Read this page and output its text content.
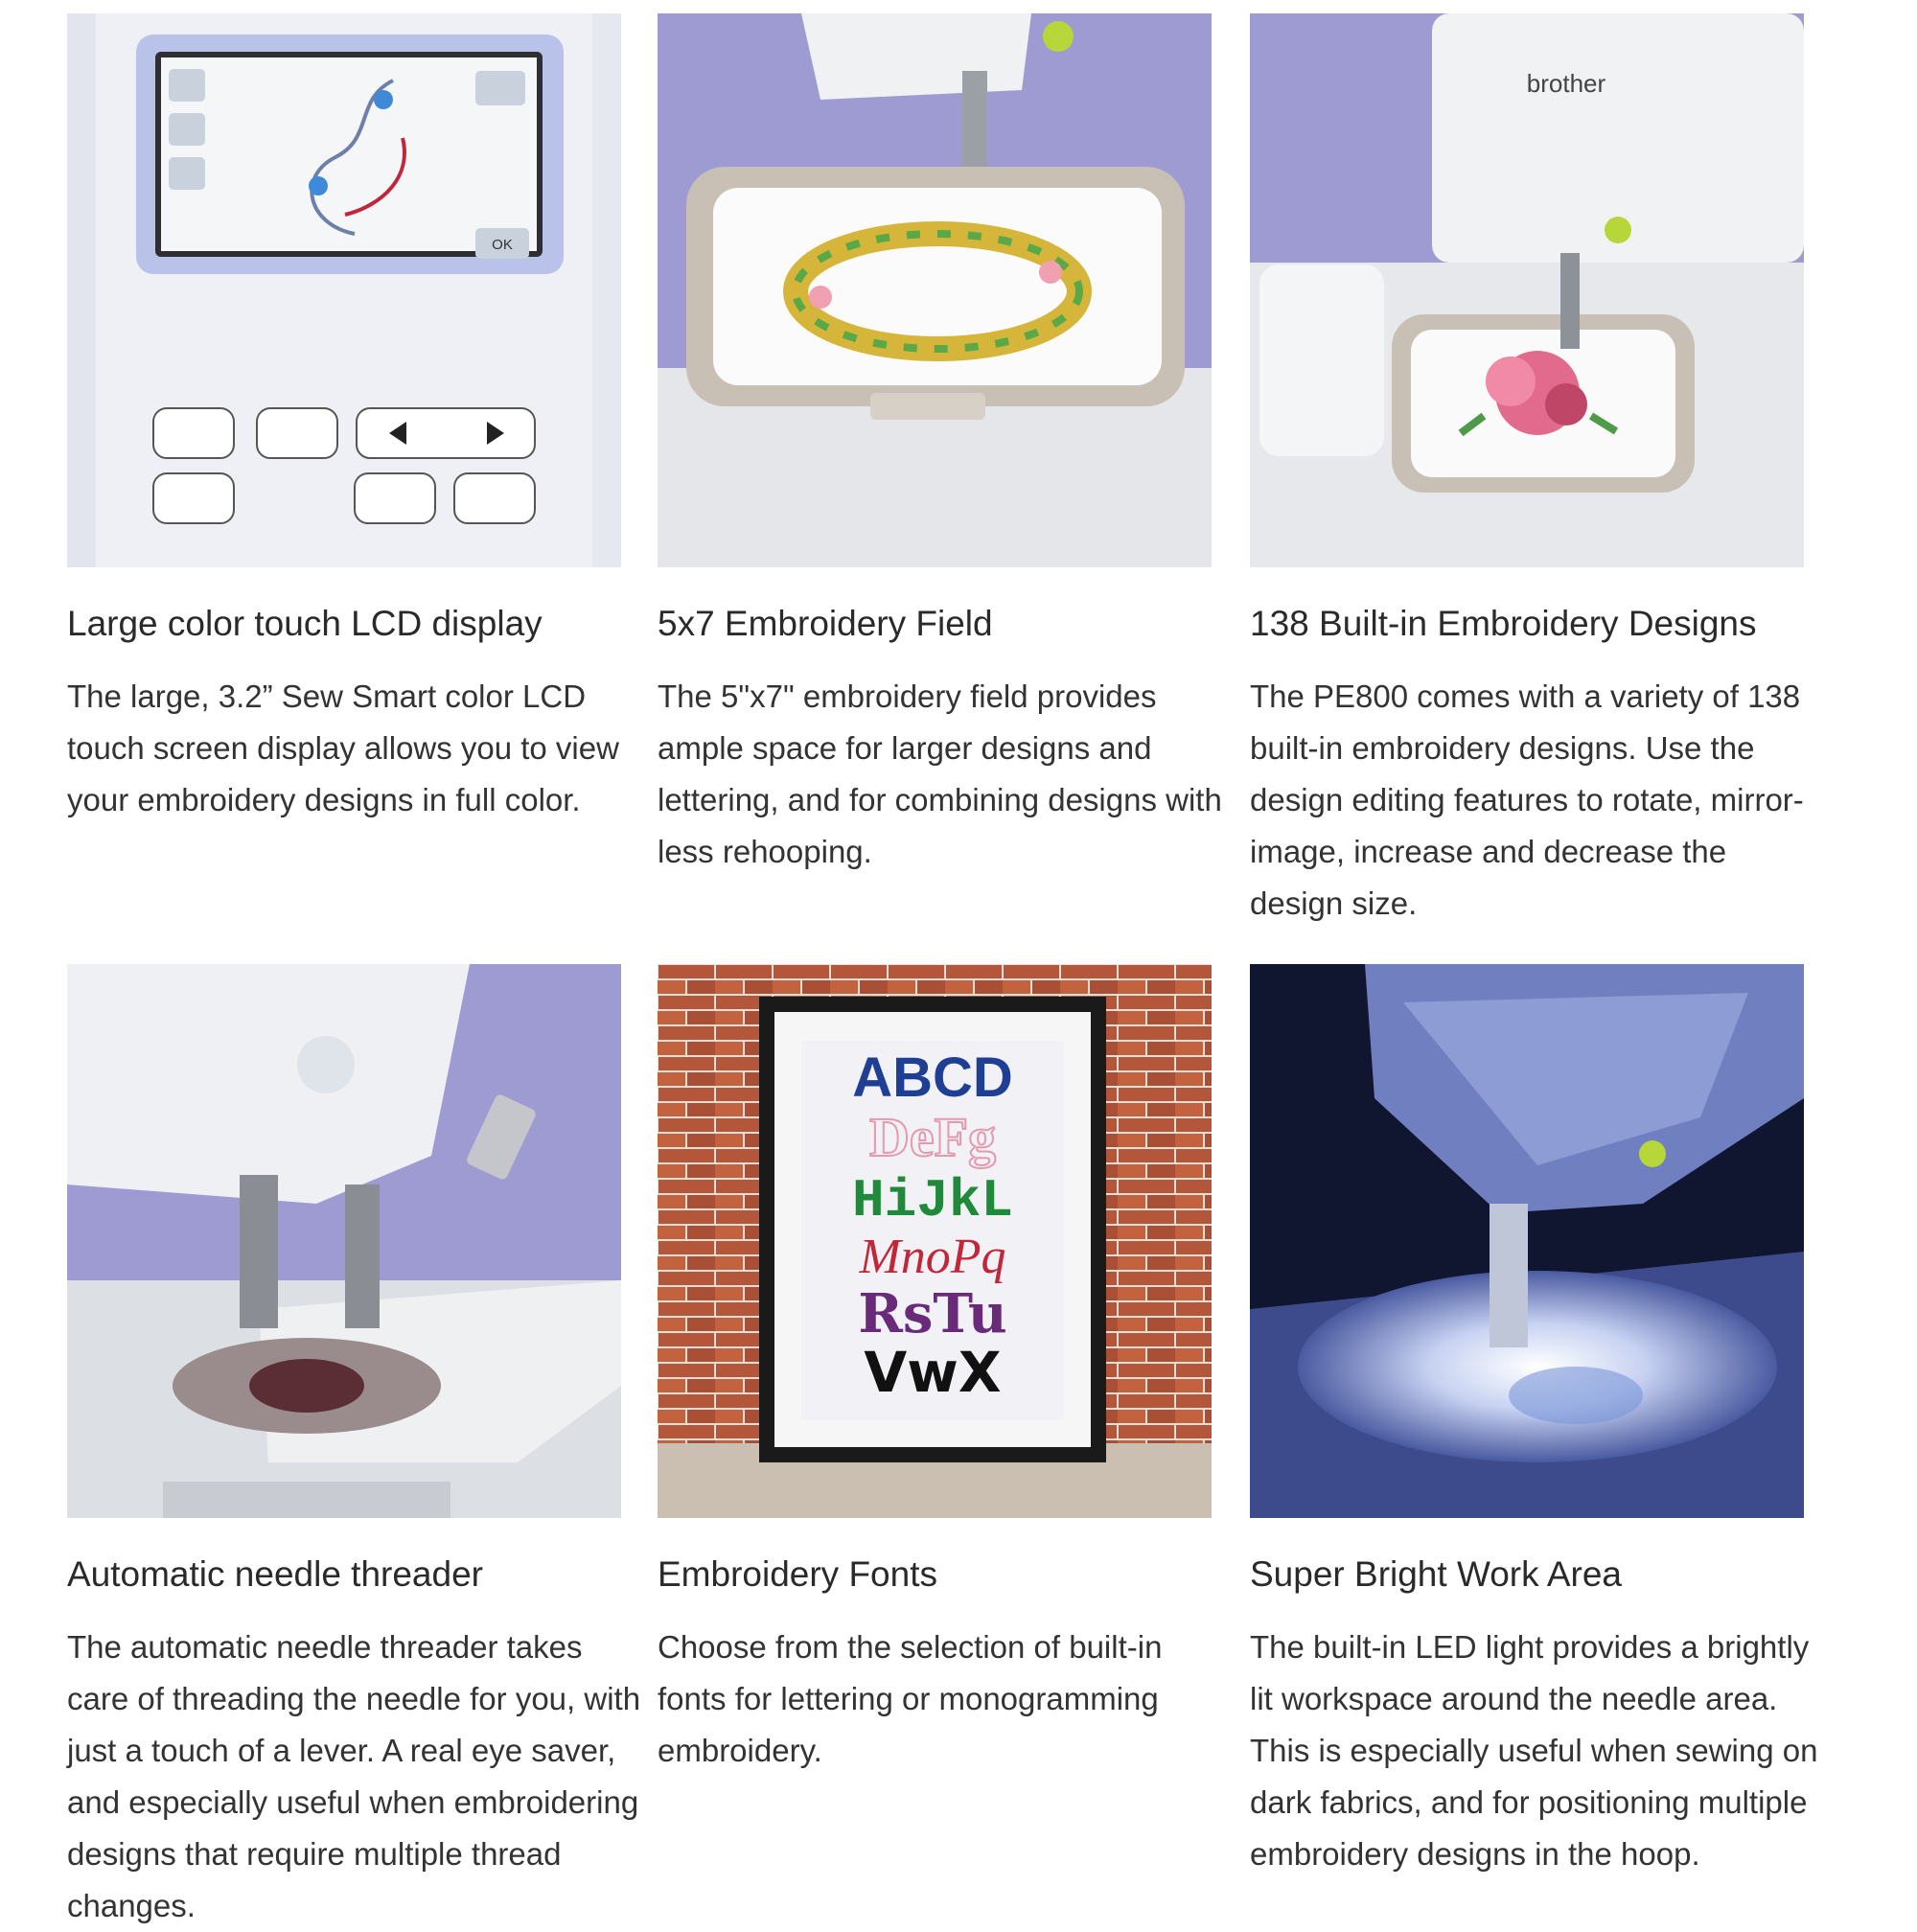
OK
Large color touch LCD display
The large, 3.2” Sew Smart color LCD touch screen display allows you to view your embroidery designs in full color.
5x7 Embroidery Field
The 5"x7" embroidery field provides ample space for larger designs and lettering, and for combining designs with less rehooping.
brother
138 Built-in Embroidery Designs
The PE800 comes with a variety of 138 built-in embroidery designs. Use the design editing features to rotate, mirror-image, increase and decrease the design size.
Automatic needle threader
The automatic needle threader takes care of threading the needle for you, with just a touch of a lever. A real eye saver, and especially useful when embroidering designs that require multiple thread changes.
ABCD
DeFg
HiJkL
MnoPq
RsTu
VwX
Embroidery Fonts
Choose from the selection of built-in fonts for lettering or monogramming embroidery.
Super Bright Work Area
The built-in LED light provides a brightly lit workspace around the needle area. This is especially useful when sewing on dark fabrics, and for positioning multiple embroidery designs in the hoop.
